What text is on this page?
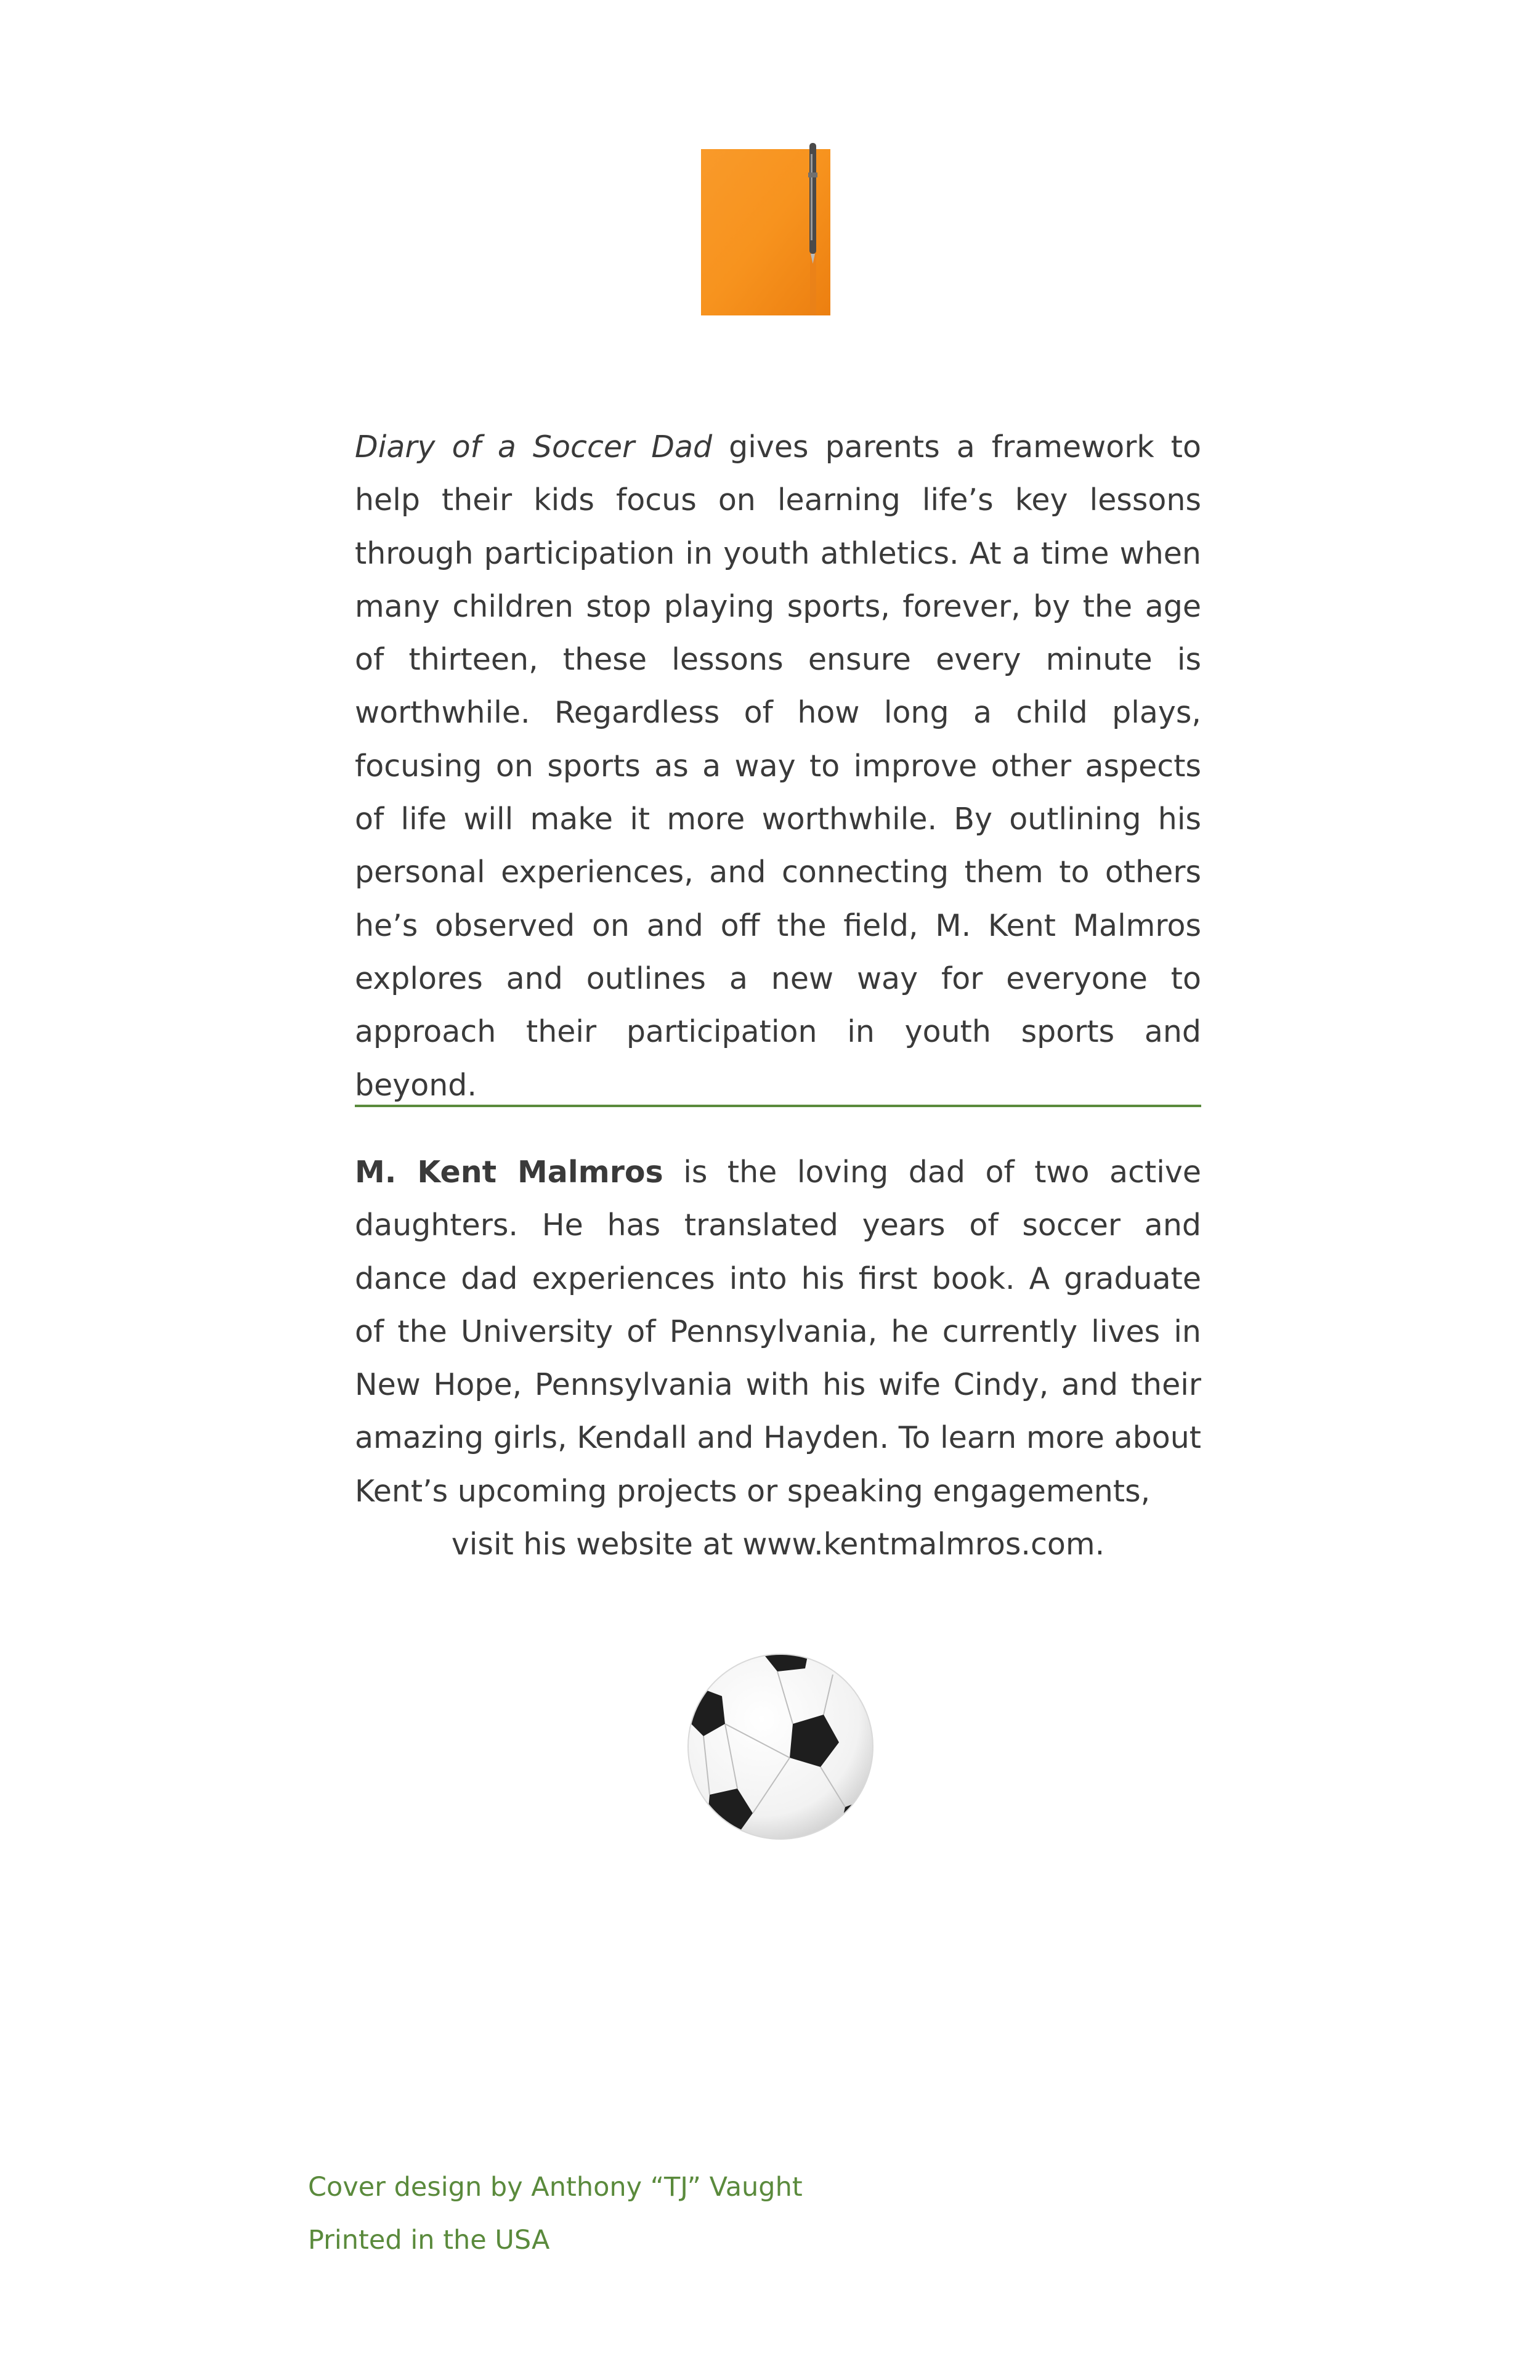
Diary of a Soccer Dad gives parents a framework to help their kids focus on learning life’s key lessons through participation in youth athletics. At a time when many children stop playing sports, forever, by the age of thirteen, these lessons ensure every minute is worthwhile. Regardless of how long a child plays, focusing on sports as a way to improve other aspects of life will make it more worthwhile. By outlining his personal experiences, and connecting them to others he’s observed on and off the field, M. Kent Malmros explores and outlines a new way for everyone to approach their participation in youth sports and beyond.

M. Kent Malmros is the loving dad of two active daughters. He has translated years of soccer and dance dad experiences into his first book. A graduate of the University of Pennsylvania, he currently lives in New Hope, Pennsylvania with his wife Cindy, and their amazing girls, Kendall and Hayden. To learn more about Kent’s upcoming projects or speaking engagements,
visit his website at www.kentmalmros.com.

Cover design by Anthony “TJ” Vaught

Printed in the USA
